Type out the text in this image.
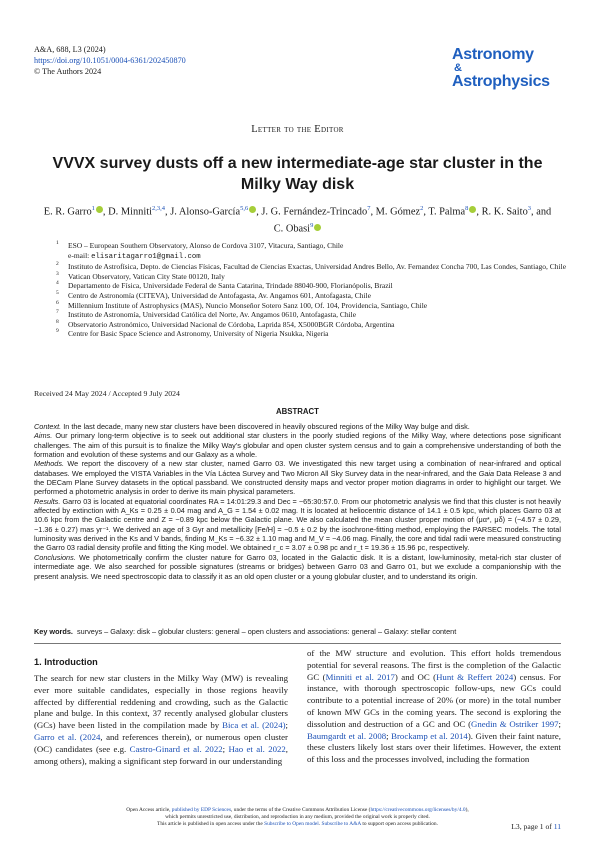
A&A, 688, L3 (2024)
https://doi.org/10.1051/0004-6361/202450870
© The Authors 2024
Astronomy
&
Astrophysics
Letter to the Editor
VVVX survey dusts off a new intermediate-age star cluster in the Milky Way disk
E. R. Garro$^1$ , D. Minniti$^{2,3,4}$, J. Alonso-García$^{5,6}$ , J. G. Fernández-Trincado$^7$, M. Gómez$^2$, T. Palma$^8$ , R. K. Saito$^3$, and C. Obasi$^9$
1 ESO – European Southern Observatory, Alonso de Cordova 3107, Vitacura, Santiago, Chile
e-mail: elisaritagarro1@gmail.com
2 Instituto de Astrofísica, Depto. de Ciencias Físicas, Facultad de Ciencias Exactas, Universidad Andres Bello, Av. Fernandez Concha 700, Las Condes, Santiago, Chile
3 Vatican Observatory, Vatican City State 00120, Italy
4 Departamento de Física, Universidade Federal de Santa Catarina, Trindade 88040-900, Florianópolis, Brazil
5 Centro de Astronomía (CITEVA), Universidad de Antofagasta, Av. Angamos 601, Antofagasta, Chile
6 Millennium Institute of Astrophysics (MAS), Nuncio Monseñor Sotero Sanz 100, Of. 104, Providencia, Santiago, Chile
7 Instituto de Astronomía, Universidad Católica del Norte, Av. Angamos 0610, Antofagasta, Chile
8 Observatorio Astronómico, Universidad Nacional de Córdoba, Laprida 854, X5000BGR Córdoba, Argentina
9 Centre for Basic Space Science and Astronomy, University of Nigeria Nsukka, Nigeria
Received 24 May 2024 / Accepted 9 July 2024
ABSTRACT

Context. In the last decade, many new star clusters have been discovered in heavily obscured regions of the Milky Way bulge and disk.

Aims. Our primary long-term objective is to seek out additional star clusters in the poorly studied regions of the Milky Way, where detections pose significant challenges. The aim of this pursuit is to finalize the Milky Way’s globular and open cluster system census and to gain a comprehensive understanding of both the formation and evolution of these systems and our Galaxy as a whole.

Methods. We report the discovery of a new star cluster, named Garro 03. We investigated this new target using a combination of near-infrared and optical databases. We employed the VISTA Variables in the Vía Láctea Survey and Two Micron All Sky Survey data in the near-infrared, and the Gaia Data Release 3 and the DECam Plane Survey datasets in the optical passband. We constructed density maps and vector proper motion diagrams in order to highlight our target. We performed a photometric analysis in order to derive its main physical parameters.

Results. Garro 03 is located at equatorial coordinates RA = 14:01:29.3 and Dec = −65:30:57.0. From our photometric analysis we find that this cluster is not heavily affected by extinction with A_Ks = 0.25 ± 0.04 mag and A_G = 1.54 ± 0.02 mag. It is located at heliocentric distance of 14.1 ± 0.5 kpc, which places Garro 03 at 10.6 kpc from the Galactic centre and Z = −0.89 kpc below the Galactic plane. We also calculated the mean cluster proper motion of (μα*, μδ) = (−4.57 ± 0.29, −1.36 ± 0.27) mas yr⁻¹. We derived an age of 3 Gyr and metallicity [Fe/H] = −0.5 ± 0.2 by the isochrone-fitting method, employing the PARSEC models. The total luminosity was derived in the Ks and V bands, finding M_Ks = −6.32 ± 1.10 mag and M_V = −4.06 mag. Finally, the core and tidal radii were measured constructing the Garro 03 radial density profile and fitting the King model. We obtained r_c = 3.07 ± 0.98 pc and r_t = 19.36 ± 15.96 pc, respectively.

Conclusions. We photometrically confirm the cluster nature for Garro 03, located in the Galactic disk. It is a distant, low-luminosity, metal-rich star cluster of intermediate age. We also searched for possible signatures (streams or bridges) between Garro 03 and Garro 01, but we exclude a companionship with the present analysis. We need spectroscopic data to classify it as an old open cluster or a young globular cluster, and to understand its origin.

Key words. surveys – Galaxy: disk – globular clusters: general – open clusters and associations: general – Galaxy: stellar content
1. Introduction
The search for new star clusters in the Milky Way (MW) is revealing ever more suitable candidates, especially in those regions heavily affected by differential reddening and crowding, such as the Galactic plane and bulge. In this context, 37 recently analysed globular clusters (GCs) have been listed in the compilation made by Bica et al. (2024); Garro et al. (2024, and references therein), or numerous open cluster (OC) candidates (see e.g. Castro-Ginard et al. 2022; Hao et al. 2022, among others), making a significant step forward in our understanding
of the MW structure and evolution. This effort holds tremendous potential for several reasons. The first is the completion of the Galactic GC (Minniti et al. 2017) and OC (Hunt & Reffert 2024) census. For instance, with thorough spectroscopic follow-ups, new GCs could contribute to a potential increase of 20% (or more) in the total number of known MW GCs in the coming years. The second is exploring the dissolution and destruction of a GC and OC (Gnedin & Ostriker 1997; Baumgardt et al. 2008; Brockamp et al. 2014). Given their faint nature, these clusters likely lost stars over their lifetimes. However, the extent of this loss and the processes involved, including the formation
Open Access article, published by EDP Sciences, under the terms of the Creative Commons Attribution License (https://creativecommons.org/licenses/by/4.0),
which permits unrestricted use, distribution, and reproduction in any medium, provided the original work is properly cited.
This article is published in open access under the Subscribe to Open model. Subscribe to A&A to support open access publication.	L3, page 1 of 11
